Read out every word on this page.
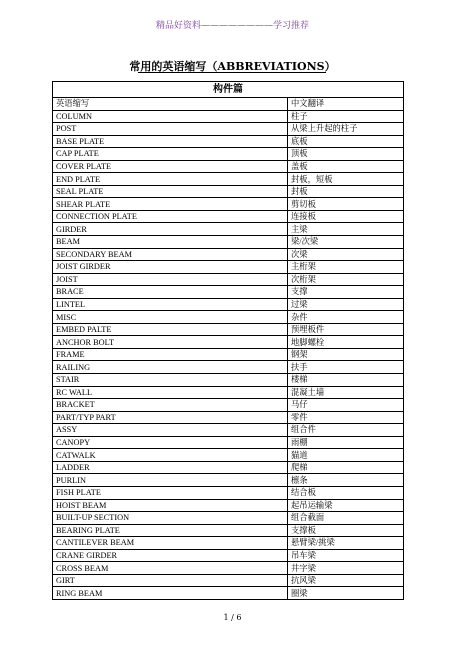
精品好资料————————学习推荐
常用的英语缩写（ABBREVIATIONS）
构件篇	
英语缩写	中文翻译
COLUMN	柱子
POST	从梁上升起的柱子
BASE PLATE	底板
CAP PLATE	顶板
COVER PLATE	盖板
END PLATE	封板，短板
SEAL PLATE	封板
SHEAR PLATE	剪切板
CONNECTION PLATE	连接板
GIRDER	主梁
BEAM	梁/次梁
SECONDARY BEAM	次梁
JOIST GIRDER	主桁架
JOIST	次桁架
BRACE	支撑
LINTEL	过梁
MISC	杂件
EMBED PALTE	预埋板件
ANCHOR BOLT	地脚螺栓
FRAME	钢架
RAILING	扶手
STAIR	楼梯
RC WALL	混凝土墙
BRACKET	马仔
PART/TYP PART	零件
ASSY	组合件
CANOPY	雨棚
CATWALK	猫道
LADDER	爬梯
PURLIN	檩条
FISH PLATE	结合板
HOIST BEAM	起吊运输梁
BUILT-UP SECTION	组合截面
BEARING PLATE	支撑板
CANTILEVER BEAM	悬臂梁/挑梁
CRANE GIRDER	吊车梁
CROSS BEAM	井字梁
GIRT	抗风梁
RING BEAM	圈梁
1 / 6
